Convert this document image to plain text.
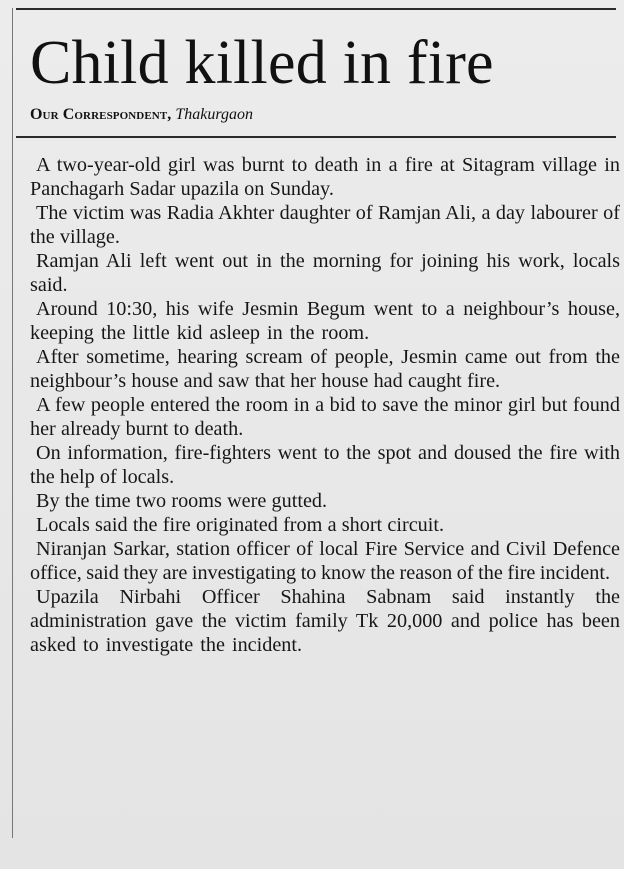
Child killed in fire
Our Correspondent, Thakurgaon

A two-year-old girl was burnt to death in a fire at Sitagram village in Panchagarh Sadar upazila on Sunday.

The victim was Radia Akhter daughter of Ramjan Ali, a day labourer of the village.

Ramjan Ali left went out in the morning for joining his work, locals said.

Around 10:30, his wife Jesmin Begum went to a neighbour’s house, keeping the little kid asleep in the room.

After sometime, hearing scream of people, Jesmin came out from the neighbour’s house and saw that her house had caught fire.

A few people entered the room in a bid to save the minor girl but found her already burnt to death.

On information, fire-fighters went to the spot and doused the fire with the help of locals.

By the time two rooms were gutted.

Locals said the fire originated from a short circuit.

Niranjan Sarkar, station officer of local Fire Service and Civil Defence office, said they are investigating to know the reason of the fire incident.

Upazila Nirbahi Officer Shahina Sabnam said instantly the administration gave the victim family Tk 20,000 and police has been asked to investigate the incident.
